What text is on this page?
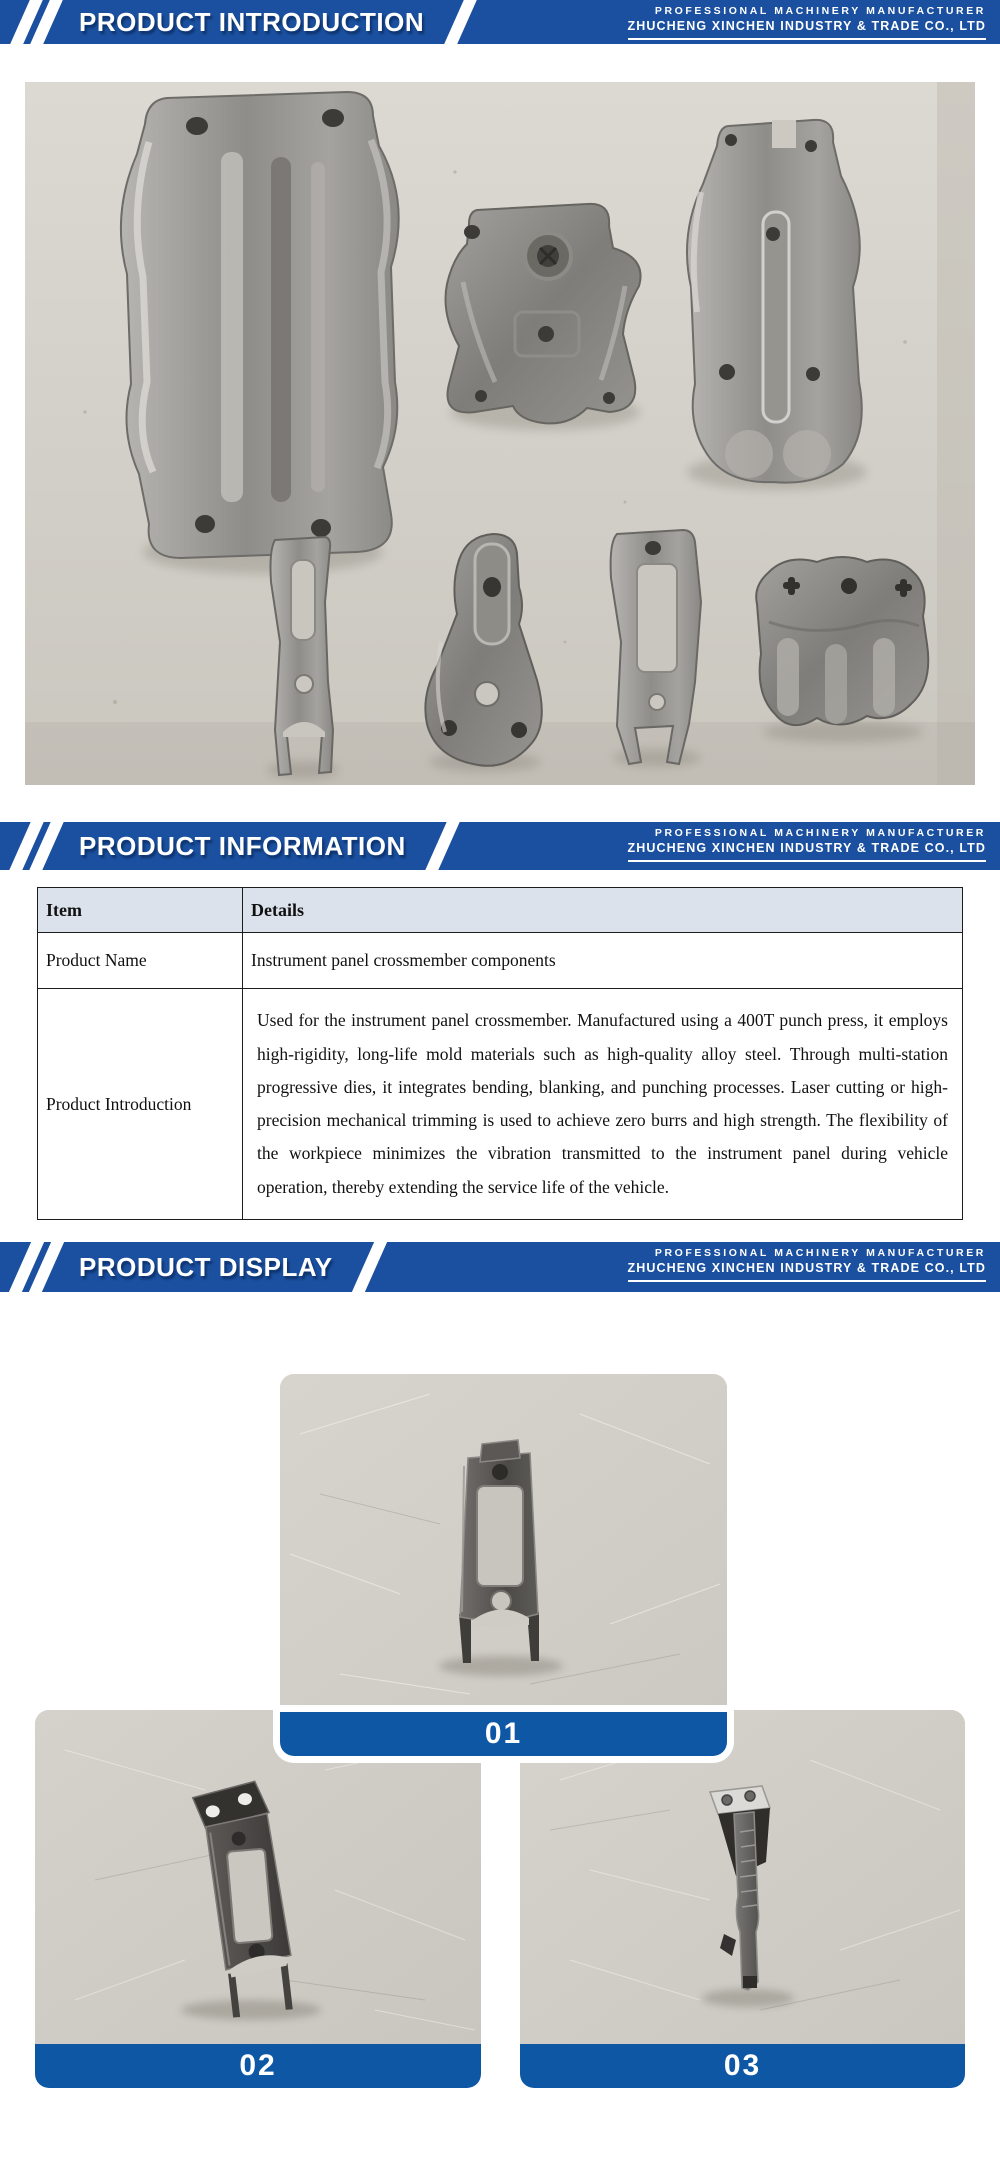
PRODUCT INTRODUCTION	PROFESSIONAL MACHINERY MANUFACTURER
ZHUCHENG XINCHEN INDUSTRY & TRADE CO., LTD
PRODUCT INFORMATION	PROFESSIONAL MACHINERY MANUFACTURER
ZHUCHENG XINCHEN INDUSTRY & TRADE CO., LTD
Item	Details
Product Name	Instrument panel crossmember components
Product Introduction	Used for the instrument panel crossmember. Manufactured using a 400T punch press, it employs high-rigidity, long-life mold materials such as high-quality alloy steel. Through multi-station progressive dies, it integrates bending, blanking, and punching processes. Laser cutting or high-precision mechanical trimming is used to achieve zero burrs and high strength. The flexibility of the workpiece minimizes the vibration transmitted to the instrument panel during vehicle operation, thereby extending the service life of the vehicle.
PRODUCT DISPLAY	PROFESSIONAL MACHINERY MANUFACTURER
ZHUCHENG XINCHEN INDUSTRY & TRADE CO., LTD
01
02	03
